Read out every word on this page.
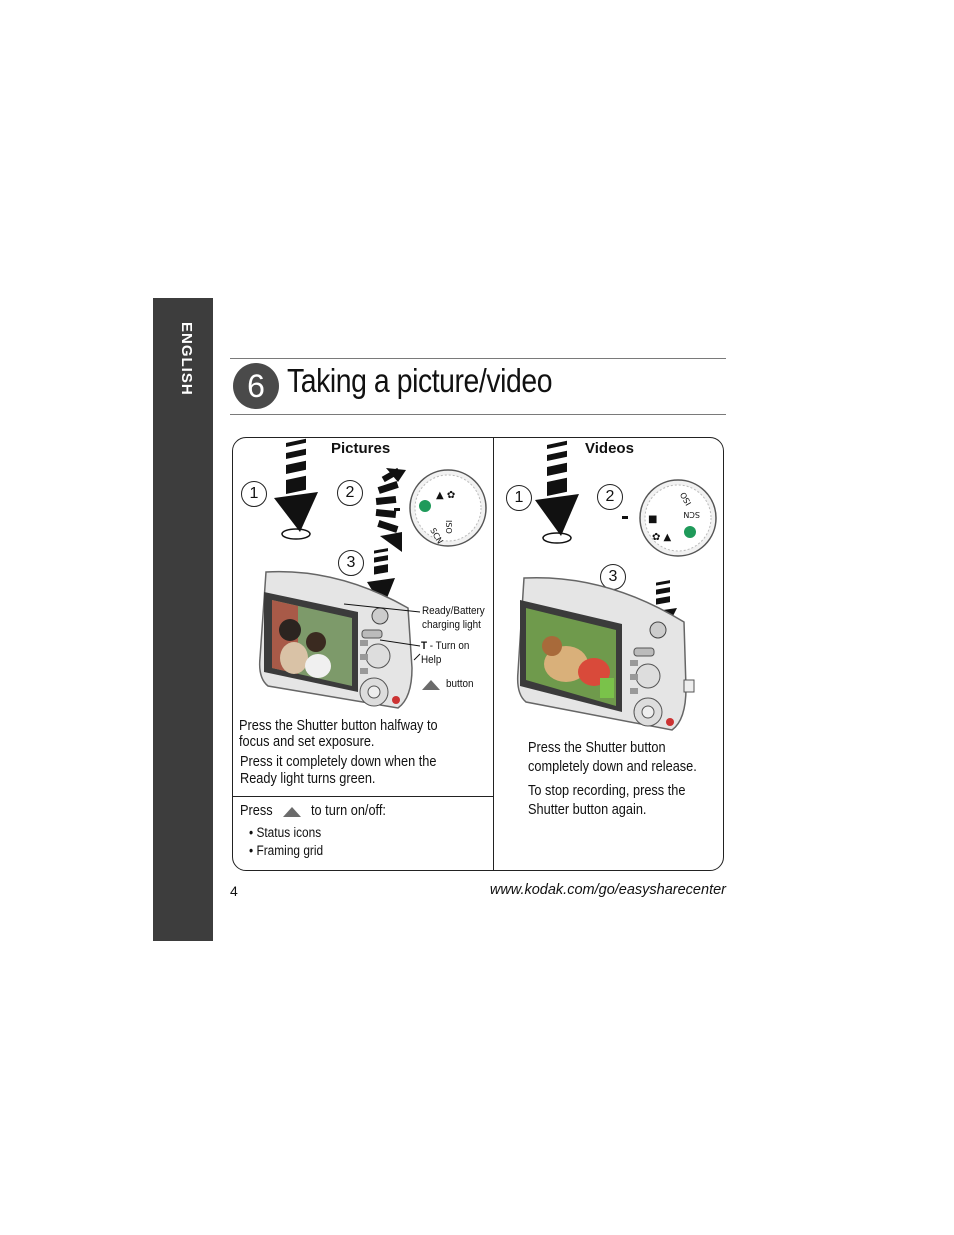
ENGLISH	6 Taking a picture/video
Pictures
1	2
3
▲ ✿
SCN ISO
Ready/Battery
charging light
T - Turn on
Help
button
Press the Shutter button halfway to
focus and set exposure.
Press it completely down when the
Ready light turns green.
Press	to turn on/off:
• Status icons
• Framing grid
Videos
1	2
3
■
✿ ▲
SCN
ISO
Press the Shutter button
completely down and release.
To stop recording, press the
Shutter button again.
4	www.kodak.com/go/easysharecenter
